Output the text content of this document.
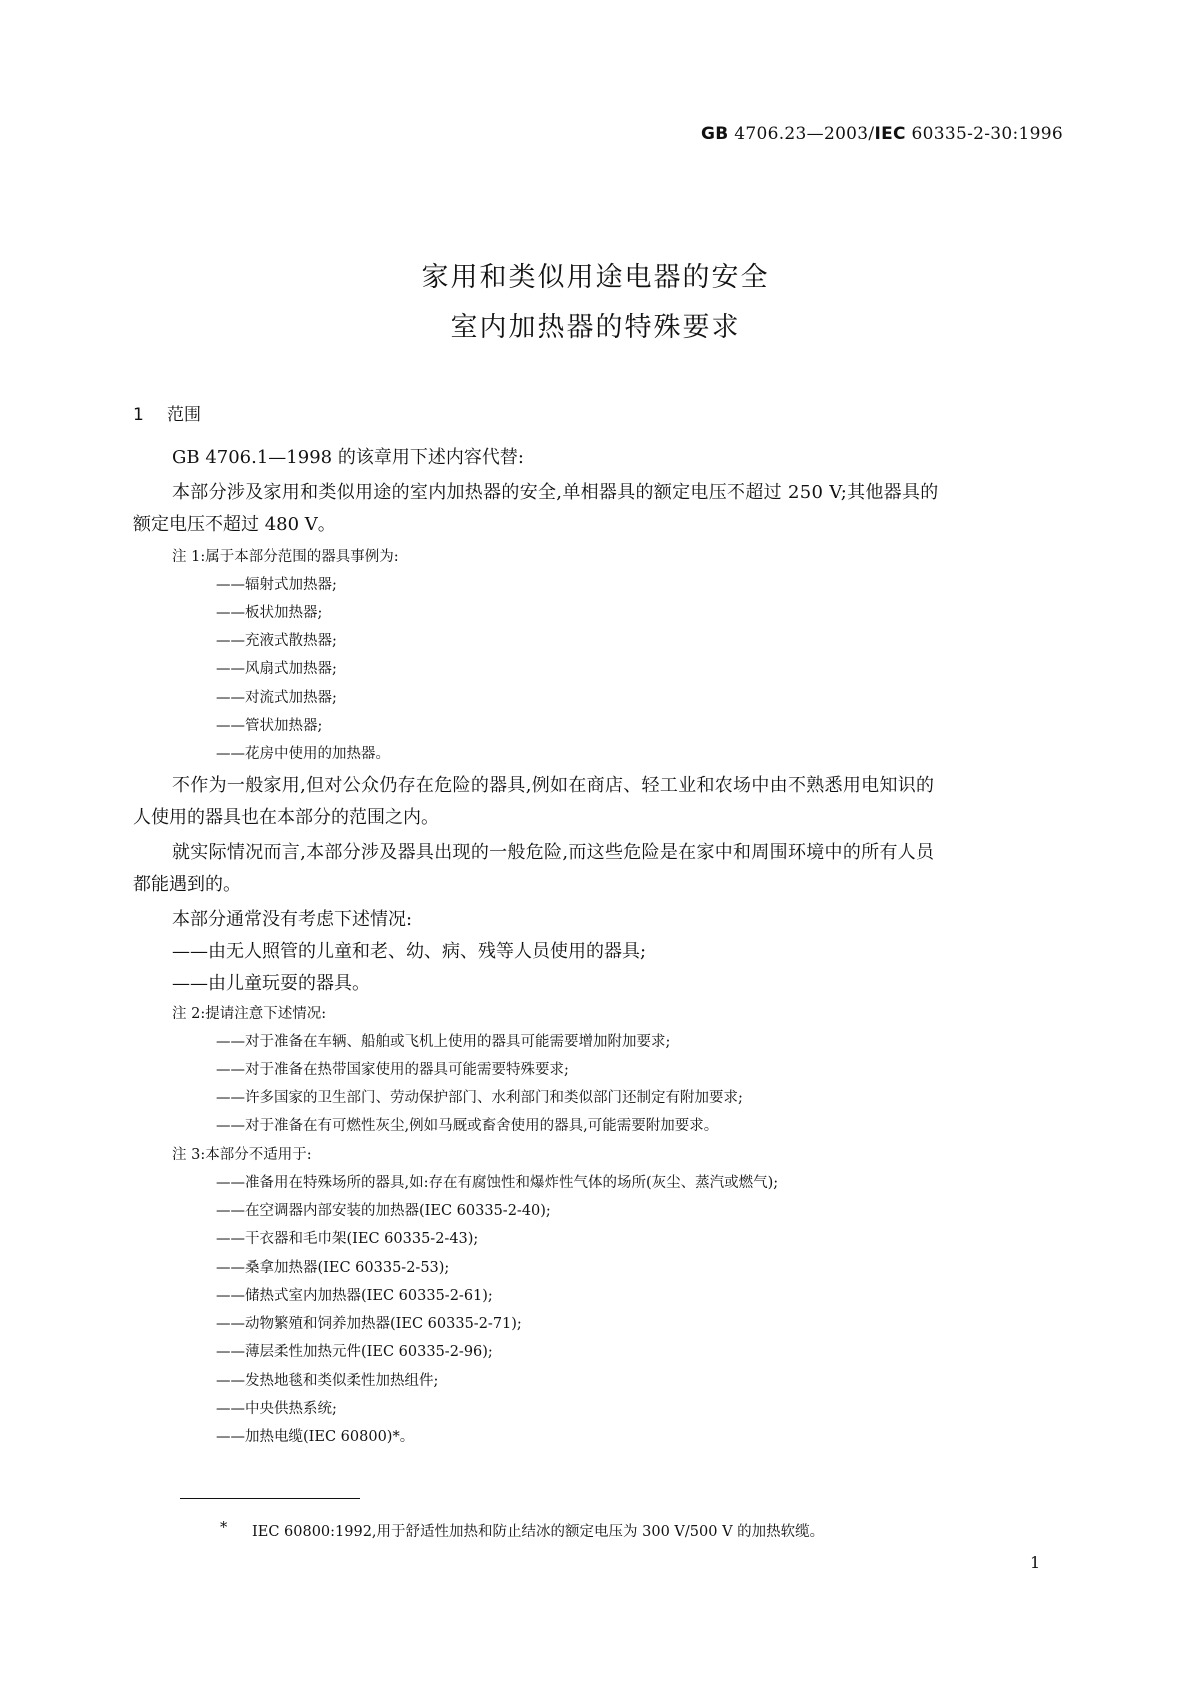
GB 4706.23—2003/IEC 60335-2-30:1996
家用和类似用途电器的安全
室内加热器的特殊要求
1 范围
GB 4706.1—1998 的该章用下述内容代替:
本部分涉及家用和类似用途的室内加热器的安全,单相器具的额定电压不超过 250 V;其他器具的
额定电压不超过 480 V。
注 1:属于本部分范围的器具事例为:
——辐射式加热器;
——板状加热器;
——充液式散热器;
——风扇式加热器;
——对流式加热器;
——管状加热器;
——花房中使用的加热器。
不作为一般家用,但对公众仍存在危险的器具,例如在商店、轻工业和农场中由不熟悉用电知识的
人使用的器具也在本部分的范围之内。
就实际情况而言,本部分涉及器具出现的一般危险,而这些危险是在家中和周围环境中的所有人员
都能遇到的。
本部分通常没有考虑下述情况:
——由无人照管的儿童和老、幼、病、残等人员使用的器具;
——由儿童玩耍的器具。
注 2:提请注意下述情况:
——对于准备在车辆、船舶或飞机上使用的器具可能需要增加附加要求;
——对于准备在热带国家使用的器具可能需要特殊要求;
——许多国家的卫生部门、劳动保护部门、水利部门和类似部门还制定有附加要求;
——对于准备在有可燃性灰尘,例如马厩或畜舍使用的器具,可能需要附加要求。
注 3:本部分不适用于:
——准备用在特殊场所的器具,如:存在有腐蚀性和爆炸性气体的场所(灰尘、蒸汽或燃气);
——在空调器内部安装的加热器(IEC 60335-2-40);
——干衣器和毛巾架(IEC 60335-2-43);
——桑拿加热器(IEC 60335-2-53);
——储热式室内加热器(IEC 60335-2-61);
——动物繁殖和饲养加热器(IEC 60335-2-71);
——薄层柔性加热元件(IEC 60335-2-96);
——发热地毯和类似柔性加热组件;
——中央供热系统;
——加热电缆(IEC 60800)*。
* IEC 60800:1992,用于舒适性加热和防止结冰的额定电压为 300 V/500 V 的加热软缆。
1
